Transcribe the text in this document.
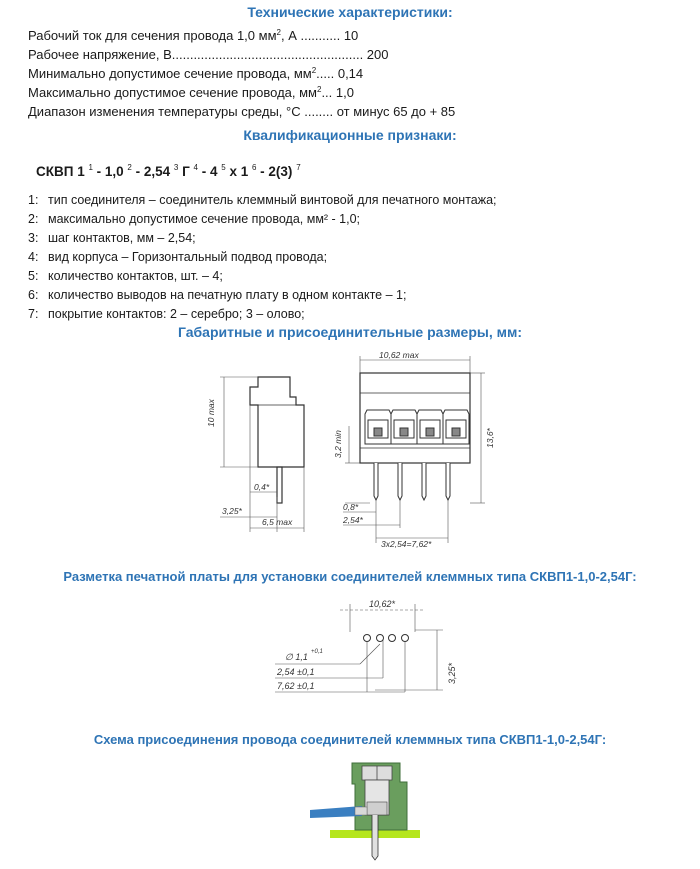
Технические характеристики:
Рабочий ток для сечения провода 1,0 $мм^2$, А ........... 10
Рабочее напряжение, В..................................................... 200
Минимально допустимое сечение провода, $мм^2$..... 0,14
Максимально допустимое сечение провода, $мм^2$... 1,0
Диапазон изменения температуры среды, °С ........ от минус 65 до + 85
Квалификационные признаки:
СКВП 1 $^1$ - 1,0 $^2$ - 2,54 $^3$ Г $^4$ - 4 $^5$ х 1 $^6$ - 2(3) $^7$
1: тип соединителя – соединитель клеммный винтовой для печатного монтажа;
2: максимально допустимое сечение провода, мм² - 1,0;
3: шаг контактов, мм – 2,54;
4: вид корпуса – Горизонтальный подвод провода;
5: количество контактов, шт. – 4;
6: количество выводов на печатную плату в одном контакте – 1;
7: покрытие контактов: 2 – серебро; 3 – олово;
Габаритные и присоединительные размеры, мм:
10 max
0,4*
3,25*
6,5 max
10,62 max
3,2 min	13,6*
0,8*
2,54*
3х2,54=7,62*
Разметка печатной платы для установки соединителей клеммных типа СКВП1-1,0-2,54Г:
10,62*
∅ 1,1 +0,1
2,54 ±0,1
7,62 ±0,1
3,25*
Схема присоединения провода соединителей клеммных типа СКВП1-1,0-2,54Г:
